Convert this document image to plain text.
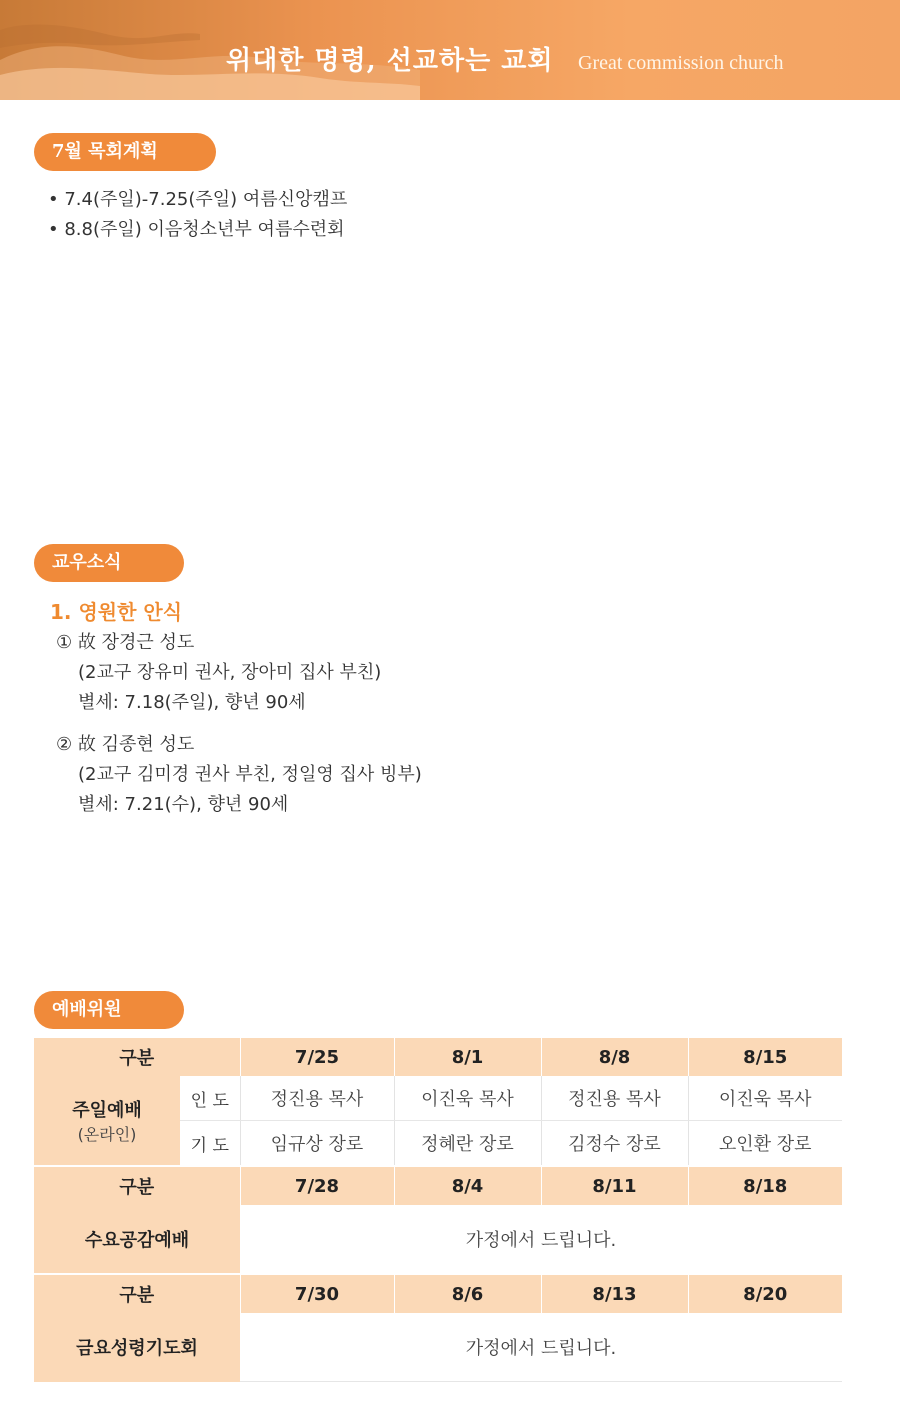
위대한 명령, 선교하는 교회 Great commission church
7월 목회계획
• 7.4(주일)-7.25(주일) 여름신앙캠프
• 8.8(주일) 이음청소년부 여름수련회
교우소식
1. 영원한 안식
① 故 장경근 성도
(2교구 장유미 권사, 장아미 집사 부친)
별세: 7.18(주일), 향년 90세
② 故 김종현 성도
(2교구 김미경 권사 부친, 정일영 집사 빙부)
별세: 7.21(수), 향년 90세
예배위원
구분		7/25	8/1	8/8	8/15
주일예배
(온라인)	인 도	정진용 목사	이진욱 목사	정진용 목사	이진욱 목사
	기 도	임규상 장로	정혜란 장로	김정수 장로	오인환 장로
구분		7/28	8/4	8/11	8/18
수요공감예배		가정에서 드립니다.			
구분		7/30	8/6	8/13	8/20
금요성령기도회		가정에서 드립니다.			
